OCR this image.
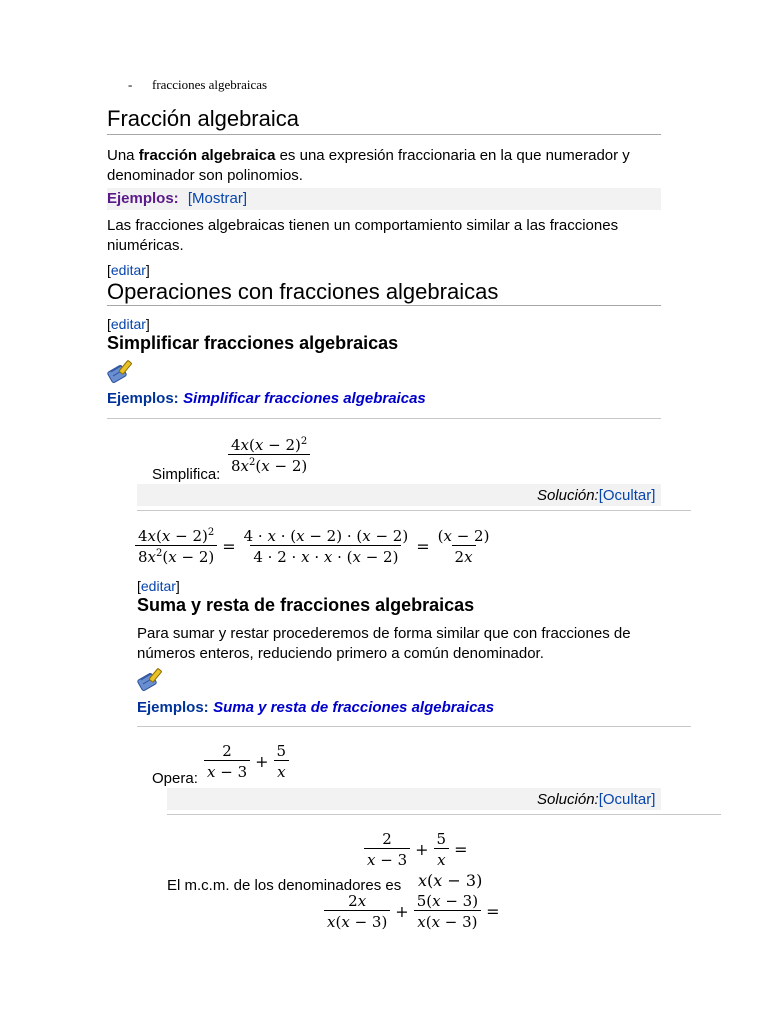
- fracciones algebraicas
Fracción algebraica
Una fracción algebraica es una expresión fraccionaria en la que numerador y denominador son polinomios.
Ejemplos: [Mostrar]
Las fracciones algebraicas tienen un comportamiento similar a las fracciones niuméricas.
[editar]
Operaciones con fracciones algebraicas
[editar]
Simplificar fracciones algebraicas
Ejemplos: Simplificar fracciones algebraicas
Simplifica: $\frac{4x(x - 2)^2}{8x^2(x - 2)}$
Solución:[Ocultar]
$\frac{4x(x - 2)^2}{8x^2(x - 2)} = \frac{4 \cdot x \cdot (x - 2) \cdot (x - 2)}{4 \cdot 2 \cdot x \cdot x \cdot (x - 2)} = \frac{(x - 2)}{2x}$
[editar]
Suma y resta de fracciones algebraicas
Para sumar y restar procederemos de forma similar que con fracciones de números enteros, reduciendo primero a común denominador.
Ejemplos: Suma y resta de fracciones algebraicas
Opera: $\frac{2}{x - 3} + \frac{5}{x}$
Solución:[Ocultar]
$\frac{2}{x - 3} + \frac{5}{x}$ =
El m.c.m. de los denominadores es x(x − 3)
$\frac{2x}{x(x - 3)} + \frac{5(x - 3)}{x(x - 3)}$ =
